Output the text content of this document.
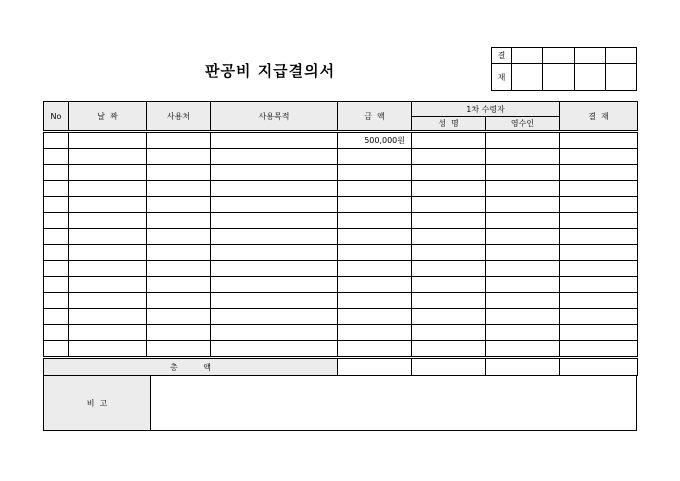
판공비 지급결의서
결				
재				
No	날  짜	사용처	사용목적	금  액	1차 수령자		결  재
					성  명	영수인	
				500,000원			

총          액							
비  고	
